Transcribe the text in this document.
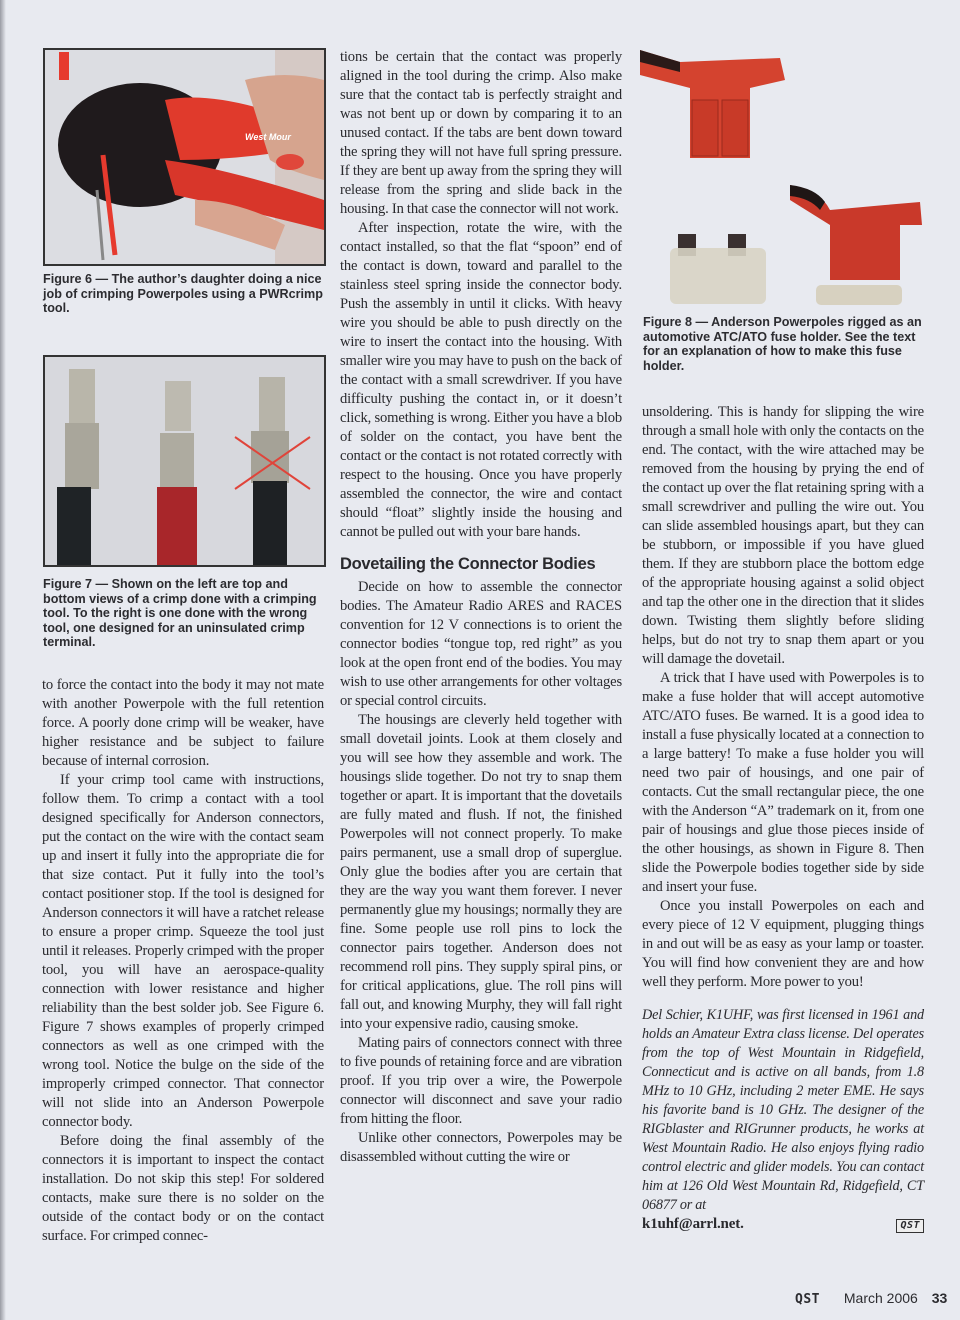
West Mour
Figure 6 — The author’s daughter doing a nice job of crimping Powerpoles using a PWRcrimp tool.
Figure 7 — Shown on the left are top and bottom views of a crimp done with a crimping tool. To the right is one done with the wrong tool, one designed for an uninsulated crimp terminal.

to force the contact into the body it may not mate with another Powerpole with the full retention force. A poorly done crimp will be weaker, have higher resistance and be subject to failure because of internal corrosion.

If your crimp tool came with instructions, follow them. To crimp a contact with a tool designed specifically for Anderson connectors, put the contact on the wire with the contact seam up and insert it fully into the appropriate die for that size contact. Put it fully into the tool’s contact positioner stop. If the tool is designed for Anderson connectors it will have a ratchet release to ensure a proper crimp. Squeeze the tool just until it releases. Properly crimped with the proper tool, you will have an aerospace-quality connection with lower resistance and higher reliability than the best solder job. See Figure 6. Figure 7 shows examples of properly crimped connectors as well as one crimped with the wrong tool. Notice the bulge on the side of the improperly crimped connector. That connector will not slide into an Anderson Powerpole connector body.

Before doing the final assembly of the connectors it is important to inspect the contact installation. Do not skip this step! For soldered contacts, make sure there is no solder on the outside of the contact body or on the contact surface. For crimped connec-

tions be certain that the contact was properly aligned in the tool during the crimp. Also make sure that the contact tab is perfectly straight and was not bent up or down by comparing it to an unused contact. If the tabs are bent down toward the spring they will not have full spring pressure. If they are bent up away from the spring they will release from the spring and slide back in the housing. In that case the connector will not work.

After inspection, rotate the wire, with the contact installed, so that the flat “spoon” end of the contact is down, toward and parallel to the stainless steel spring inside the connector body. Push the assembly in until it clicks. With heavy wire you should be able to push directly on the wire to insert the contact into the housing. With smaller wire you may have to push on the back of the contact with a small screwdriver. If you have difficulty pushing the contact in, or it doesn’t click, something is wrong. Either you have a blob of solder on the contact, you have bent the contact or the contact is not rotated correctly with respect to the housing. Once you have properly assembled the connector, the wire and contact should “float” slightly inside the housing and cannot be pulled out with your bare hands.

Dovetailing the Connector Bodies

Decide on how to assemble the connector bodies. The Amateur Radio ARES and RACES convention for 12 V connections is to orient the connector bodies “tongue top, red right” as you look at the open front end of the bodies. You may wish to use other arrangements for other voltages or special control circuits.

The housings are cleverly held together with small dovetail joints. Look at them closely and you will see how they assemble and work. The housings slide together. Do not try to snap them together or apart. It is important that the dovetails are fully mated and flush. If not, the finished Powerpoles will not connect properly. To make pairs permanent, use a small drop of superglue. Only glue the bodies after you are certain that they are the way you want them forever. I never permanently glue my housings; normally they are fine. Some people use roll pins to lock the connector pairs together. Anderson does not recommend roll pins. They supply spiral pins, or for critical applications, glue. The roll pins will fall out, and knowing Murphy, they will fall right into your expensive radio, causing smoke.

Mating pairs of connectors connect with three to five pounds of retaining force and are vibration proof. If you trip over a wire, the Powerpole connector will disconnect and save your radio from hitting the floor.

Unlike other connectors, Powerpoles may be disassembled without cutting the wire or

Figure 8 — Anderson Powerpoles rigged as an automotive ATC/ATO fuse holder. See the text for an explanation of how to make this fuse holder.

unsoldering. This is handy for slipping the wire through a small hole with only the contacts on the end. The contact, with the wire attached may be removed from the housing by prying the end of the contact up over the flat retaining spring with a small screwdriver and pulling the wire out. You can slide assembled housings apart, but they can be stubborn, or impossible if you have glued them. If they are stubborn place the bottom edge of the appropriate housing against a solid object and tap the other one in the direction that it slides down. Twisting them slightly before sliding helps, but do not try to snap them apart or you will damage the dovetail.

A trick that I have used with Powerpoles is to make a fuse holder that will accept automotive ATC/ATO fuses. Be warned. It is a good idea to install a fuse physically located at a connection to a large battery! To make a fuse holder you will need two pair of housings, and one pair of contacts. Cut the small rectangular piece, the one with the Anderson “A” trademark on it, from one pair of housings and glue those pieces inside of the other housings, as shown in Figure 8. Then slide the Powerpole bodies together side by side and insert your fuse.

Once you install Powerpoles on each and every piece of 12 V equipment, plugging things in and out will be as easy as your lamp or toaster. You will find how convenient they are and how well they perform. More power to you!

Del Schier, K1UHF, was first licensed in 1961 and holds an Amateur Extra class license. Del operates from the top of West Mountain in Ridgefield, Connecticut and is active on all bands, from 1.8 MHz to 10 GHz, including 2 meter EME. He says his favorite band is 10 GHz. The designer of the RIGblaster and RIGrunner products, he works at West Mountain Radio. He also enjoys flying radio control electric and glider models. You can contact him at 126 Old West Mountain Rd, Ridgefield, CT 06877 or at
k1uhf@arrl.net.	QST

QST March 2006 33
